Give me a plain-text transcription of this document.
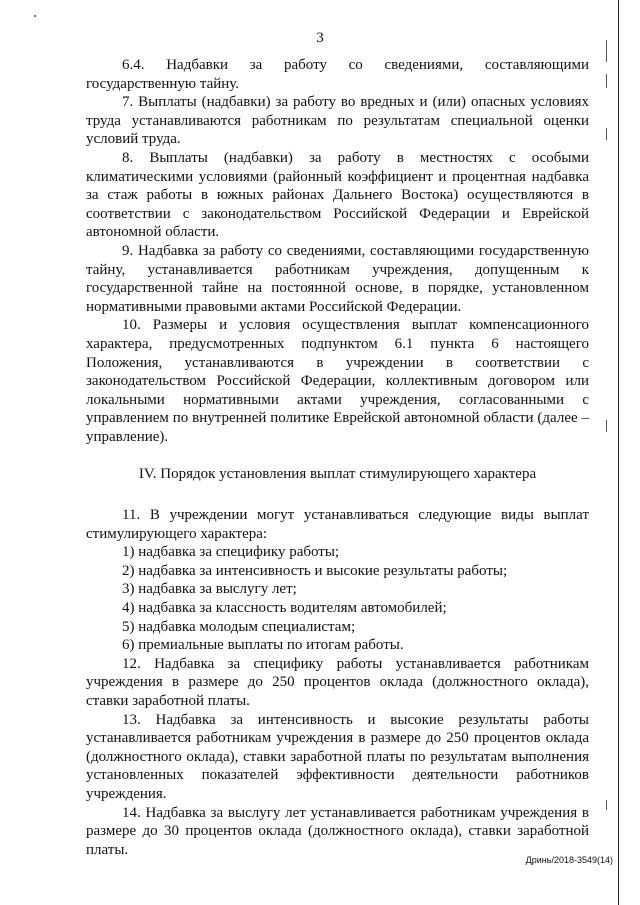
3

6.4. Надбавки за работу со сведениями, составляющими государственную тайну.

7. Выплаты (надбавки) за работу во вредных и (или) опасных условиях труда устанавливаются работникам по результатам специальной оценки условий труда.

8. Выплаты (надбавки) за работу в местностях с особыми климатическими условиями (районный коэффициент и процентная надбавка за стаж работы в южных районах Дальнего Востока) осуществляются в соответствии с законодательством Российской Федерации и Еврейской автономной области.

9. Надбавка за работу со сведениями, составляющими государственную тайну, устанавливается работникам учреждения, допущенным к государственной тайне на постоянной основе, в порядке, установленном нормативными правовыми актами Российской Федерации.

10. Размеры и условия осуществления выплат компенсационного характера, предусмотренных подпунктом 6.1 пункта 6 настоящего Положения, устанавливаются в учреждении в соответствии с законодательством Российской Федерации, коллективным договором или локальными нормативными актами учреждения, согласованными с управлением по внутренней политике Еврейской автономной области (далее – управление).

IV. Порядок установления выплат стимулирующего характера

11. В учреждении могут устанавливаться следующие виды выплат стимулирующего характера:

1) надбавка за специфику работы;

2) надбавка за интенсивность и высокие результаты работы;

3) надбавка за выслугу лет;

4) надбавка за классность водителям автомобилей;

5) надбавка молодым специалистам;

6) премиальные выплаты по итогам работы.

12. Надбавка за специфику работы устанавливается работникам учреждения в размере до 250 процентов оклада (должностного оклада), ставки заработной платы.

13. Надбавка за интенсивность и высокие результаты работы устанавливается работникам учреждения в размере до 250 процентов оклада (должностного оклада), ставки заработной платы по результатам выполнения установленных показателей эффективности деятельности работников учреждения.

14. Надбавка за выслугу лет устанавливается работникам учреждения в размере до 30 процентов оклада (должностного оклада), ставки заработной платы.

Дринь/2018-3549(14)
